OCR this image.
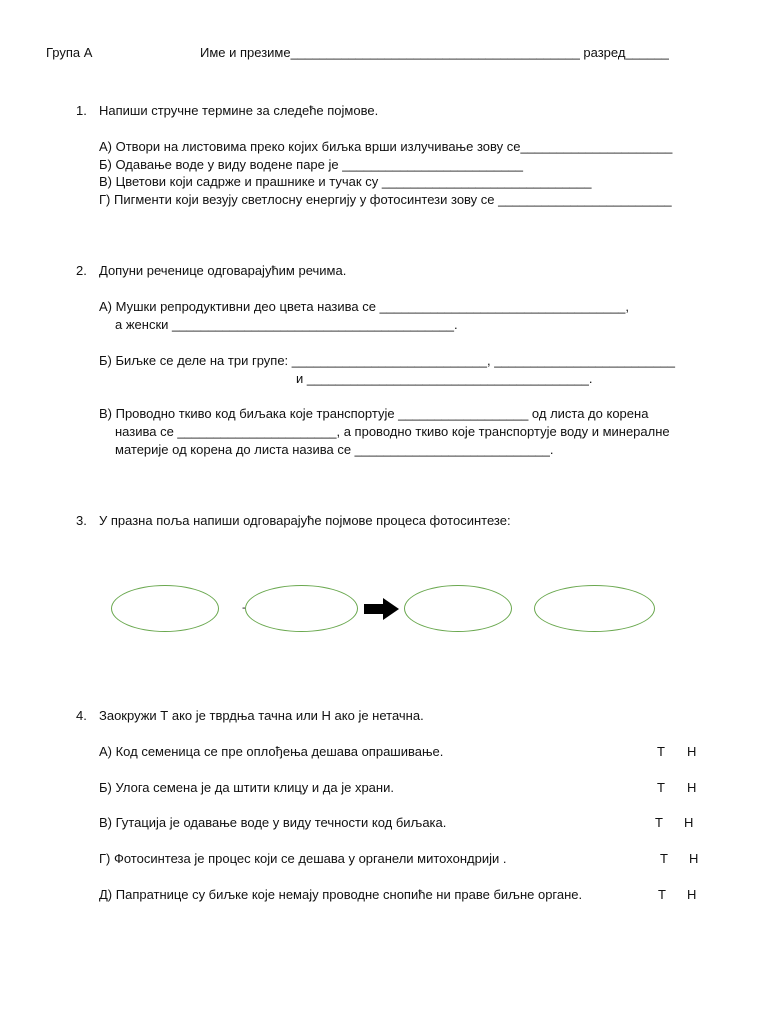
Група А	Име и презиме________________________________________ разред______
1. Напиши стручне термине за следеће појмове.
А) Отвори на листовима преко којих биљка врши излучивање зову се_____________________
Б) Одавање воде у виду водене паре је _________________________
В) Цветови који садрже и прашнике и тучак су _____________________________
Г) Пигменти који везују светлосну енергију у фотосинтези зову се ________________________
2. Допуни реченице одговарајућим речима.
А) Мушки репродуктивни део цвета назива се __________________________________,
а женски _______________________________________.
Б) Биљке се деле на три групе: ___________________________, _________________________
и _______________________________________.
В) Проводно ткиво код биљака које транспортује __________________ од листа до корена
назива се ______________________, а проводно ткиво које транспортује воду и минералне
материје од корена до листа назива се ___________________________.
3. У празна поља напиши одговарајуће појмове процеса фотосинтезе:
-
4. Заокружи Т ако је тврдња тачна или Н ако је нетачна.
А) Код семеница се пре оплођења дешава опрашивање.	Т Н
Б) Улога семена је да штити клицу и да је храни.	Т Н
В) Гутација је одавање воде у виду течности код биљака.	Т Н
Г) Фотосинтеза је процес који се дешава у органели митохондрији .	Т Н
Д) Папратнице су биљке које немају проводне снопиће ни праве биљне органе.	Т Н
